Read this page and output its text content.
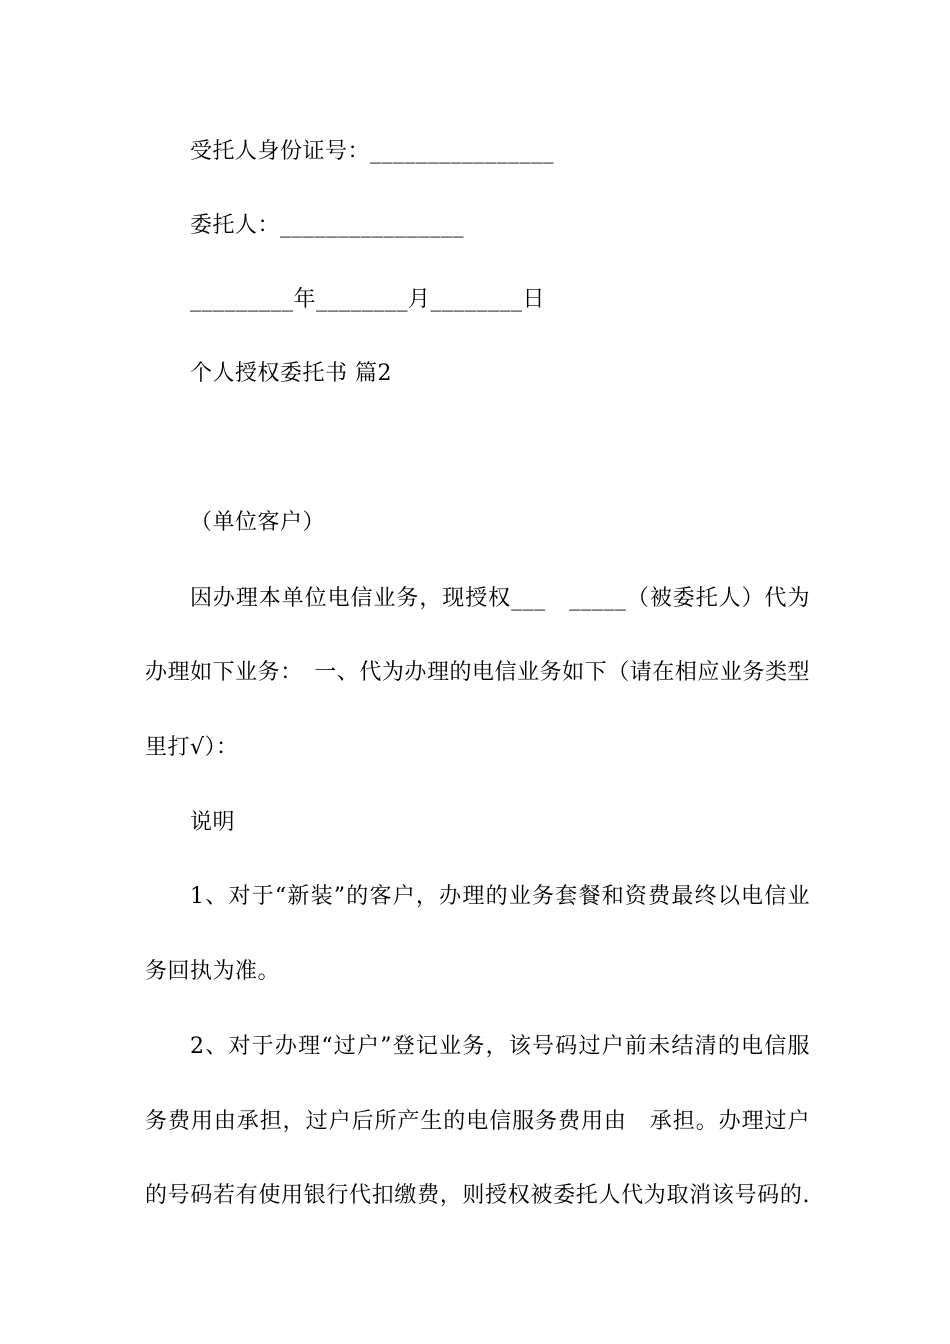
受托人身份证号：________________
委托人：________________
_________年________月________日
个人授权委托书 篇2
（单位客户）
因办理本单位电信业务，现授权___　_____（被委托人）代为
办理如下业务：　一、代为办理的电信业务如下（请在相应业务类型
里打√）：
说明
1、对于“新装”的客户，办理的业务套餐和资费最终以电信业
务回执为准。
2、对于办理“过户”登记业务，该号码过户前未结清的电信服
务费用由承担，过户后所产生的电信服务费用由　承担。办理过户
的号码若有使用银行代扣缴费，则授权被委托人代为取消该号码的.
